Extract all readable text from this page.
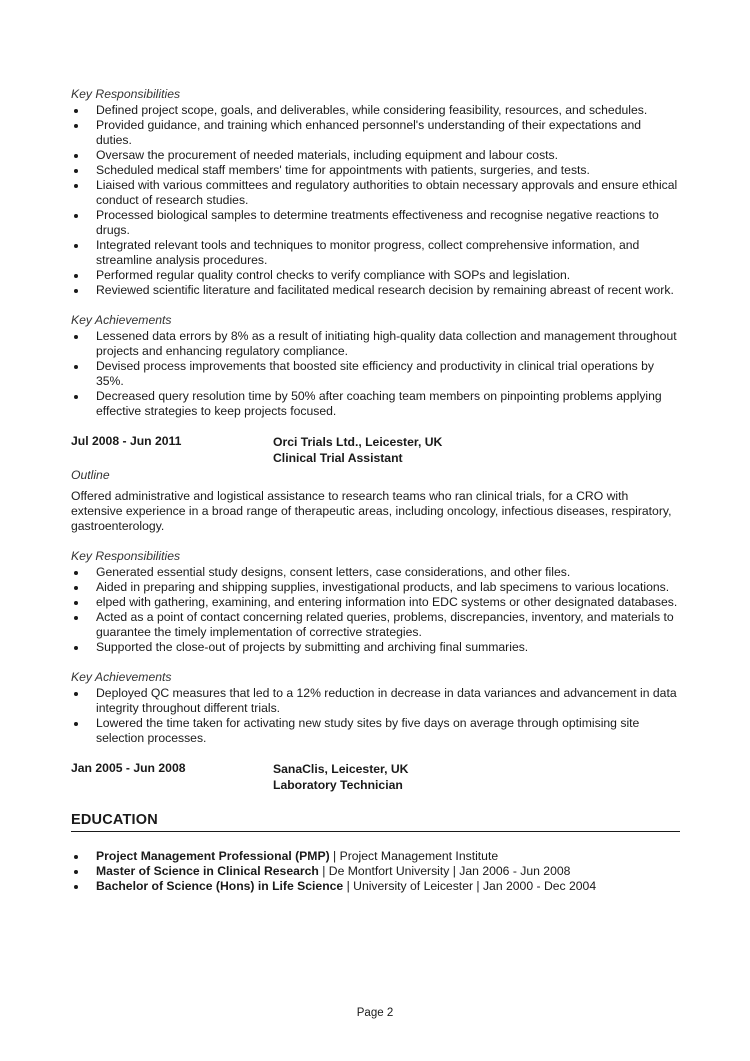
Key Responsibilities
Defined project scope, goals, and deliverables, while considering feasibility, resources, and schedules.
Provided guidance, and training which enhanced personnel's understanding of their expectations and duties.
Oversaw the procurement of needed materials, including equipment and labour costs.
Scheduled medical staff members' time for appointments with patients, surgeries, and tests.
Liaised with various committees and regulatory authorities to obtain necessary approvals and ensure ethical conduct of research studies.
Processed biological samples to determine treatments effectiveness and recognise negative reactions to drugs.
Integrated relevant tools and techniques to monitor progress, collect comprehensive information, and streamline analysis procedures.
Performed regular quality control checks to verify compliance with SOPs and legislation.
Reviewed scientific literature and facilitated medical research decision by remaining abreast of recent work.
Key Achievements
Lessened data errors by 8% as a result of initiating high-quality data collection and management throughout projects and enhancing regulatory compliance.
Devised process improvements that boosted site efficiency and productivity in clinical trial operations by 35%.
Decreased query resolution time by 50% after coaching team members on pinpointing problems applying effective strategies to keep projects focused.
Jul 2008 - Jun 2011	Orci Trials Ltd., Leicester, UK
Clinical Trial Assistant
Outline
Offered administrative and logistical assistance to research teams who ran clinical trials, for a CRO with extensive experience in a broad range of therapeutic areas, including oncology, infectious diseases, respiratory, gastroenterology.
Key Responsibilities
Generated essential study designs, consent letters, case considerations, and other files.
Aided in preparing and shipping supplies, investigational products, and lab specimens to various locations.
elped with gathering, examining, and entering information into EDC systems or other designated databases.
Acted as a point of contact concerning related queries, problems, discrepancies, inventory, and materials to guarantee the timely implementation of corrective strategies.
Supported the close-out of projects by submitting and archiving final summaries.
Key Achievements
Deployed QC measures that led to a 12% reduction in decrease in data variances and advancement in data integrity throughout different trials.
Lowered the time taken for activating new study sites by five days on average through optimising site selection processes.
Jan 2005 - Jun 2008	SanaClis, Leicester, UK
Laboratory Technician
EDUCATION
Project Management Professional (PMP) | Project Management Institute
Master of Science in Clinical Research | De Montfort University | Jan 2006 - Jun 2008
Bachelor of Science (Hons) in Life Science | University of Leicester | Jan 2000 - Dec 2004
Page 2
